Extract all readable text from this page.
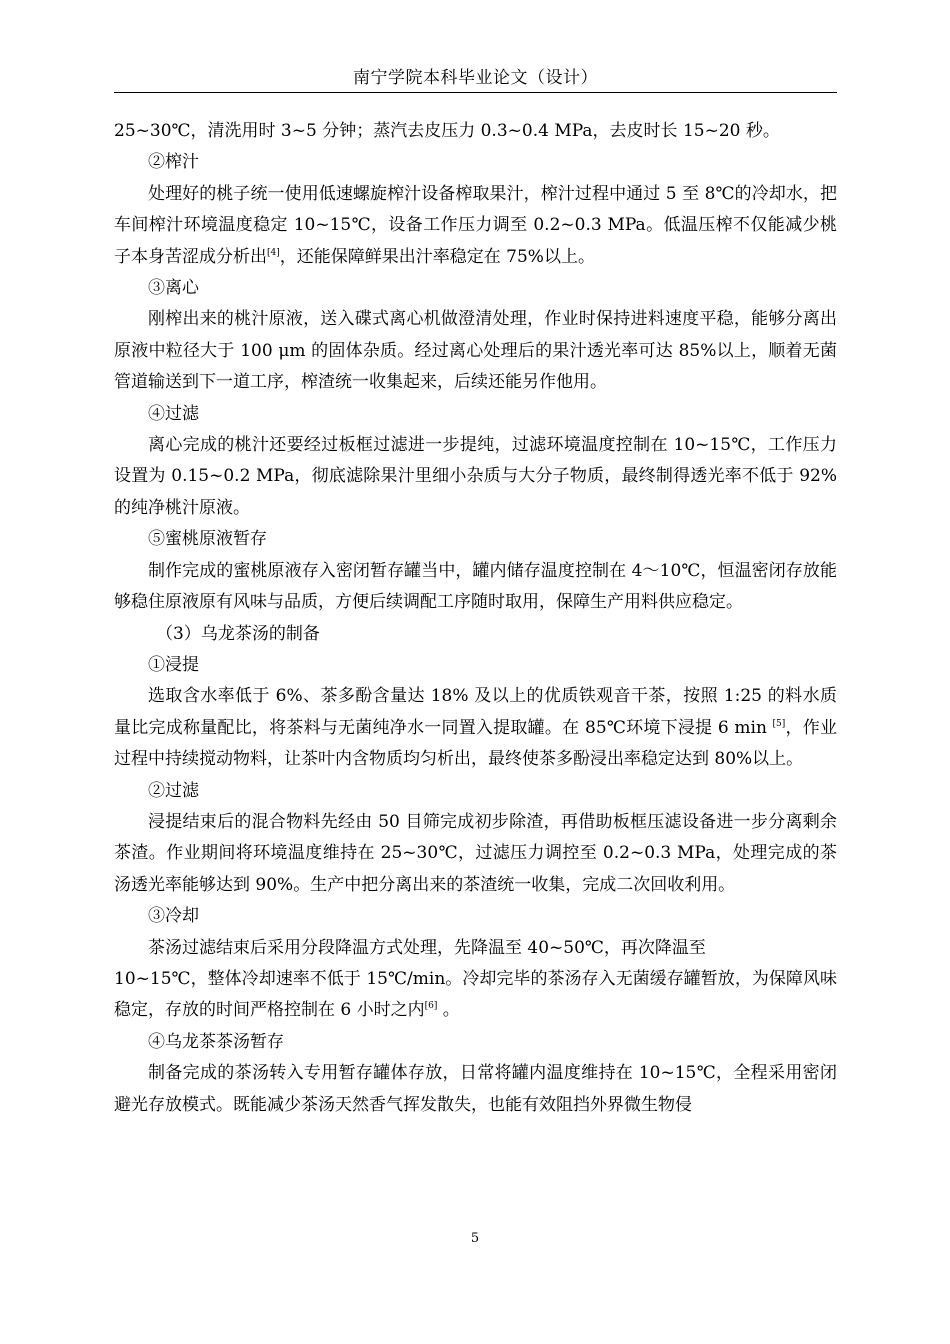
南宁学院本科毕业论文（设计）

25~30℃，清洗用时 3~5 分钟；蒸汽去皮压力 0.3~0.4 MPa，去皮时长 15~20 秒。

②榨汁

处理好的桃子统一使用低速螺旋榨汁设备榨取果汁，榨汁过程中通过 5 至 8℃的冷却水，把车间榨汁环境温度稳定 10~15℃，设备工作压力调至 0.2~0.3 MPa。低温压榨不仅能减少桃子本身苦涩成分析出[4]，还能保障鲜果出汁率稳定在 75%以上。

③离心

刚榨出来的桃汁原液，送入碟式离心机做澄清处理，作业时保持进料速度平稳，能够分离出原液中粒径大于 100 μm 的固体杂质。经过离心处理后的果汁透光率可达 85%以上，顺着无菌管道输送到下一道工序，榨渣统一收集起来，后续还能另作他用。

④过滤

离心完成的桃汁还要经过板框过滤进一步提纯，过滤环境温度控制在 10~15℃，工作压力设置为 0.15~0.2 MPa，彻底滤除果汁里细小杂质与大分子物质，最终制得透光率不低于 92%的纯净桃汁原液。

⑤蜜桃原液暂存

制作完成的蜜桃原液存入密闭暂存罐当中，罐内储存温度控制在 4～10℃，恒温密闭存放能够稳住原液原有风味与品质，方便后续调配工序随时取用，保障生产用料供应稳定。

（3）乌龙茶汤的制备

①浸提

选取含水率低于 6%、茶多酚含量达 18% 及以上的优质铁观音干茶，按照 1:25 的料水质量比完成称量配比，将茶料与无菌纯净水一同置入提取罐。在 85℃环境下浸提 6 min [5]，作业过程中持续搅动物料，让茶叶内含物质均匀析出，最终使茶多酚浸出率稳定达到 80%以上。

②过滤

浸提结束后的混合物料先经由 50 目筛完成初步除渣，再借助板框压滤设备进一步分离剩余茶渣。作业期间将环境温度维持在 25~30℃，过滤压力调控至 0.2~0.3 MPa，处理完成的茶汤透光率能够达到 90%。生产中把分离出来的茶渣统一收集，完成二次回收利用。

③冷却

茶汤过滤结束后采用分段降温方式处理，先降温至 40~50℃，再次降温至

10~15℃，整体冷却速率不低于 15℃/min。冷却完毕的茶汤存入无菌缓存罐暂放，为保障风味稳定，存放的时间严格控制在 6 小时之内[6] 。

④乌龙茶茶汤暂存

制备完成的茶汤转入专用暂存罐体存放，日常将罐内温度维持在 10~15℃，全程采用密闭避光存放模式。既能减少茶汤天然香气挥发散失，也能有效阻挡外界微生物侵

5
